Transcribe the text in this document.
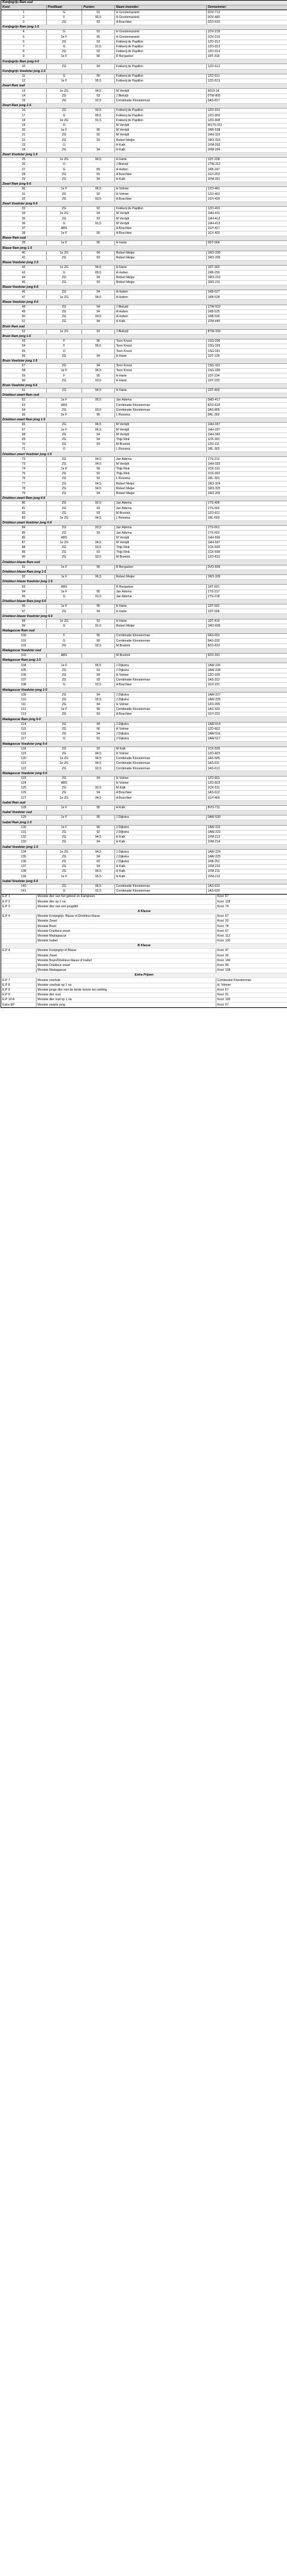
Konijngrijs Ram oud				
Kooi:	Predikaat:	Punten:	Naam Inzender:	Oornummer:
1	G	91	H Grootemarsink	0OV-713
2	F	95,5	H Grootemarsink	0OV-460
3	ZG	93	A Boschker	0ZO-533
Konijngrijs Ram jong 1-5				
4	G	91	H Grootemarsink	1OV-218
5	2e F	95	H Grootemarsink	1OV-219
6	ZG	93	Fokkerij de Papillon	1ZO-312
7	G	91,5	Fokkerij de Papillon	1ZO-313
8	ZG	92	Fokkerij de Papillon	1ZO-314
9	1e F	96	R Bergacker	1RT-319
Konijngrijs Ram jong 6-6				
10	ZG	94	Fokkerij de Papillon	1ZO-512
Konijngrijs Voedster jong 1-5				
11	G	90	Fokkerij de Papillon	1ZO-511
12	1e F	95,5	Fokkerij de Papillon	1ZO-513
Zwart Ram oud				
13	1e ZG	94,5	M Verrijdt	5019-14
14	ZG	93	J Biekzijl	0TW-805
15	ZG	92,5	Combinatie Kloosterman	0AS-817
Zwart Ram jong 1-5				
16	ZG	92,5	Fokkerij de Papillon	1ZO-310
17	G	89,5	Fokkerij de Papillon	1ZO-309
18	2e ZG	91,5	Fokkerij de Papillon	1ZO-308
19	O		M Verrijdt	W17S-011
20	1e F	96	M Verrijdt	1RR-538
21	ZG	92	M Verrijdt	1HH-119
22	ZG	93	Robert Meijer	1RO-323
23	O		H Kalk	1FM-203
24	ZG	94	H Kalk	1FM-204
Zwart Voedster jong 1-5				
25	1e ZG	94,5	H Harte	1DT-228
26	O		J Biekzijl	1TW-312
27	G	89	A Hutten	1KB-247
28	ZG	91	A Boschker	1GY-203
29	ZG	94	H Kalk	1FM-201
Zwart Ram jong 6-6				
30	1e F	96,5	H Volmer	1ZO-401
31	ZG	92	H Volmer	1ZO-402
32	ZG	93,5	A Boschker	1GY-418
Zwart Voedster jong 6-6				
33	ZG	92	Fokkerij de Papillon	1ZO-416
34	1e ZG	94	M Verrijdt	1HH-411
35	ZG	93	M Verrijdt	1HH-412
36	G	91,5	M Verrijdt	1HH-413
37	ABS		A Boschker	1GY-417
38	1e F	95	A Boschker	1GY-420
Blauw Ram oud				
39	1e F	96	H Harte	0DT-904
Blauw Ram jong 1-5				
40	1e ZG	94	Robert Meijer	1RO-209
41	ZG	93	Robert Meijer	1RO-205
Blauw Voedster jong 1-5				
42	1e ZG	94,5	H Harte	1DT-302
43	G	89,5	A Hutten	1KB-250
44	ZG	94	Robert Meijer	1RO-210
45	ZG	93	Robert Meijer	1RO-211
Blauw Voedster jong 6-6				
46	ZG	94	A Hutten	1KB-527
47	1e ZG	94,5	A Hutten	1KB-528
Blauw Voedster jong 6-6				
48	ZG	94	J Biekzijl	1TW-522
49	ZG	94	A Hutten	1KB-525
50	ZG	93,5	A Hutten	1KB-526
51	ZG	94	H Kalk	1FM-440
Bruin Ram oud				
52	1e ZG	92	J Biekzijl	8TW-339
Bruin Ram jong 1-5				
53	F	96	Toon Knoot	1SG-206
54	F	95,5	Toon Knoot	1SG-329
55	O		Toon Knoot	1SG-331
56	ZG	94	H Harte	1DT-129
Bruin Voedster jong 1-5				
57	ZG	94	Toon Knoot	1SG-110
58	1e F	96,5	Toon Knoot	1SG-330
59	F	95	H Harte	1DT-234
60	ZG	93,5	H Harte	1DT-233
Bruin Voedster jong 6-6				
61	ZG	94,5	H Harte	1DT-403
Driekleur-zwart Ram oud				
62	1e F	95,5	Jan Adema	0HD-417
63	ABS		Combinatie Kloosterman	8ZO-618
64	ZG	93,5	Combinatie Kloosterman	0AS-805
65	2e F	95	L Roosma	0RL-302
Driekleur-zwart Ram jong 1-5				
66	ZG	94,5	M Verrijdt	1HH-337
67	1e F	96,5	M Verrijdt	1HH-207
68	ZG	94	M Verrijdt	1HH-342
69	ZG	94	Thijs Rink	1CK-301
70	ZG	93	M Brunink	1ZO-111
71	O		L Roosma	1RL-302
Driekleur-zwart Voedster jong 1-5				
72	ZG	94,5	Jan Adema	1TS-212
73	ZG	94,5	M Verrijdt	1HH-333
74	1e F	95	Thijs Rink	1CK-101
75	ZG	92	Thijs Rink	1CK-302
76	ZG	92	L Roosma	1RL-301
77	ZG	94,5	Robert Meijer	1RO-324
78	ZG	94,5	Robert Meijer	1RO-325
79	ZG	94	Robert Meijer	1RO-202
Driekleur-zwart Ram jong 6-6				
80	ZG	92,5	Jan Adema	1TS-406
81	ZG	93	Jan Adema	1TS-502
82	ZG	93	M Brunink	1ZO-611
83	1e ZG	94,5	L Roosma	1RL-603
Driekleur-zwart Voedster jong 6-6				
84	ZG	93,5	Jan Adema	1TS-601
85	ZG	93	Jan Adema	1TS-602
86	ABS		M Verrijdt	1HH-506
87	1e ZG	94,5	M Verrijdt	1HH-507
88	ZG	93,5	Thijs Rink	1CK-509
89	ZG	92	Thijs Rink	1CK-508
90	ZG	93,5	M Brunink	1ZO-610
Driekleur-blauw Ram oud				
91	1e F	95	R Bergacker	0VO-609
Driekleur-blauw Ram jong 1-5				
92	1e F	96,5	Robert Meijer	1RO-326
Driekleur-blauw Voedster jong 1-5				
93	ABS		R Bergacker	1RT-501
94	1e F	95	Jan Adema	1TS-217
95	G	91,5	Jan Adema	1TS-218
Driekleur-blauw Ram jong 6-6				
96	1e F	95	H Harte	1DT-501
97	ZG	94	H Harte	1DT-505
Driekleur-blauw Voedster jong 6-6				
98	1e ZG	92	H Harte	1DT-419
99	G	91,5	Robert Meijer	1RO-606
Madagascar Ram oud				
100	F	95	Combinatie Kloosterman	0AS-601
101	G	90	Combinatie Kloosterman	9AS-332
102	ZG	92,5	M Brunink	8ZO-622
Madagascar Voedster oud				
103	ABS		M Brunink	9ZO-331
Madagascar Ram jong 1-5				
104	1e F	95,5	J Dijkstra	1AW-226
105	ZG	92	J Dijkstra	1AW-228
106	ZG	94	H Volmer	1ZO-105
107	ZG	93	Combinatie Kloosterman	1AS-312
108	G	91,5	A Boschker	1GY-221
Madagascar Voedster jong 1-5				
109	ZG	94	J Dijkstra	1AW-227
110	ZG	92,5	J Dijkstra	1AW-229
111	ZG	94	H Volmer	1ZO-205
112	1e F	96	Combinatie Kloosterman	1AS-333
113	ZG	93	A Boschker	1GY-222
Madagascar Ram jong 6-6				
114	ZG	94	J Dijkstra	1AW-514
115	ZG	96	H Volmer	1ZO-602
116	ZG	94	J Dijkstra	1AW-516
117	G	91	J Dijkstra	1AW-517
Madagascar Voedster jong 6-6				
118	ZG	92	M Kalk	1CK-509
119	ZG	94,5	H Volmer	1ZO-603
120	1e ZG	94,5	Combinatie Kloosterman	1AS-505
121	2e ZG	94,5	Combinatie Kloosterman	1AS-611
122	ZG	93,5	Combinatie Kloosterman	1AS-613
Madagascar Voedster jong 6-6				
123	ZG	94	H Volmer	1ZO-601
124	ABS		H Volmer	1ZO-603
125	ZG	92,5	M Kalk	1CK-511
126	ZG	94	A Boschker	1AS-612
127	1e ZG	94,5	A Boschker	1GY-406
Isabel Ram oud				
128	1e F	95	H Kalk	8VO-711
Isabel Voedster oud				
129	1e F	95	J Dijkstra	0AW-530
Isabel Ram jong 1-5				
130	1e F	96	J Dijkstra	1AW-231
131	ZG	92	J Dijkstra	1AW-223
132	ZG	94,5	H Kalk	1FM-213
133	ZG	94	H Kalk	1FM-214
Isabel Voedster jong 1-5				
134	1e ZG	94,5	J Dijkstra	1AW-224
135	ZG	94	J Dijkstra	1AW-225
136	ZG	93	J Dijkstra	1KB-251
137	ZG	94	H Kalk	1FM-210
138	ZG	94,5	H Kalk	1FM-211
139	1e F	95,5	H Kalk	1FM-212
Isabel Voedster jong 6-6				
140	ZG	96,5	Combinatie Kloosterman	1AS-610
141	G	91,5	Combinatie Kloosterman	1AS-620
E.P 1	Mooiste dier van het geheel en Kampioen	Kooi: 67
E.P 2	Mooiste dier op 1 na	Kooi: 128
E.P 3	Mooiste dier van een jeugdlid	Kooi: 74
A Klasse		
E.P 4	Mooiste Konijngrijs- Blauw of Driekleur-blauw	Kooi: 67
	Mooiste Zwart	Kooi: 20
	Mooiste Bruin	Kooi: 78
	Mooiste Driekleur-zwart	Kooi: 67
	Mooiste Madagascar	Kooi: 112
	Mooiste Isabel	Kooi: 130
B Klasse		
E.P 4	Mooiste Konijngrijs of Blauw	Kooi: 47
	Mooiste Zwart	Kooi: 30
	Mooiste Bruin/Driekleur-blauw of Isabel	Kooi: 140
	Mooiste Driekleur-zwart	Kooi: 90
	Mooiste Madagascar	Kooi: 128
Extra Prijzen		
E.P 7	Mooiste voerbak	Combinatie Kloosterman
E.P 8	Mooiste voerbak op 1 na	H. Volmer
E.P 9	Mooiste jonge dier met de beste bonen ten stelling	Kooi: 67
E.P 9	Mooiste dier oud	Kooi: 91
E.P 10 A	Mooiste dier oud op 1 na	Kooi: 100
Extra EP	Mooiste zwarte jong	Kooi: 67
